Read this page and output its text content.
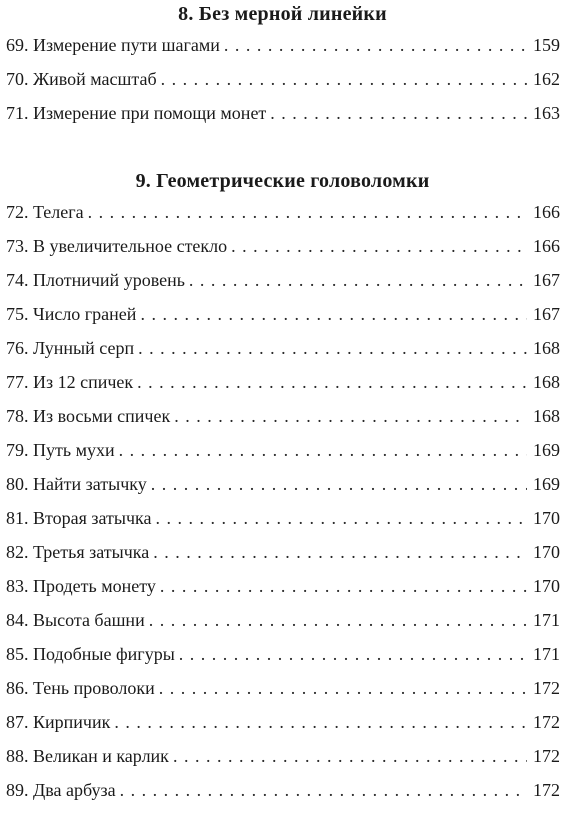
8. Без мерной линейки
69. Измерение пути шагами . . .	159
70. Живой масштаб . . .	162
71. Измерение при помощи монет . . .	163
9. Геометрические головоломки
72. Телега . . .	166
73. В увеличительное стекло . . .	166
74. Плотничий уровень . . .	167
75. Число граней . . .	167
76. Лунный серп . . .	168
77. Из 12 спичек . . .	168
78. Из восьми спичек . . .	168
79. Путь мухи . . .	169
80. Найти затычку . . .	169
81. Вторая затычка . . .	170
82. Третья затычка . . .	170
83. Продеть монету . . .	170
84. Высота башни . . .	171
85. Подобные фигуры . . .	171
86. Тень проволоки . . .	172
87. Кирпичик . . .	172
88. Великан и карлик . . .	172
89. Два арбуза . . .	172
